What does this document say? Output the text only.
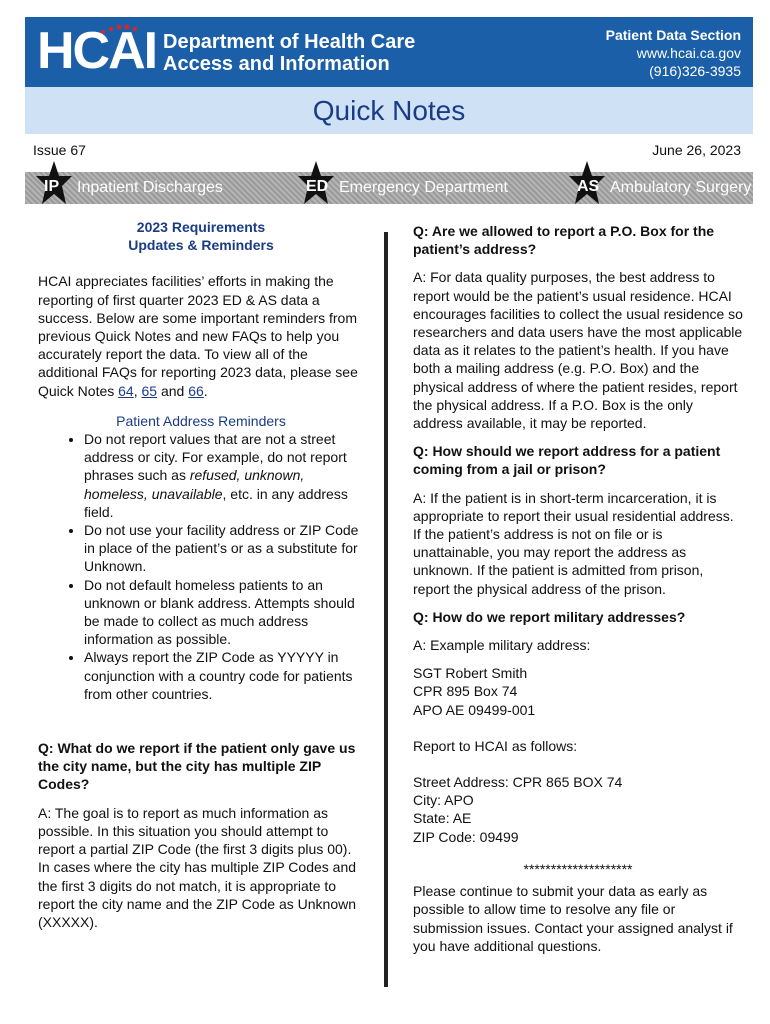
HCAI Department of Health Care
Access and Information
Patient Data Section
www.hcai.ca.gov
(916)326-3935
Quick Notes
Issue 67	June 26, 2023
IP Inpatient Discharges	ED Emergency Department	AS Ambulatory Surgery
2023 Requirements
Updates & Reminders

HCAI appreciates facilities’ efforts in making the reporting of first quarter 2023 ED & AS data a success. Below are some important reminders from previous Quick Notes and new FAQs to help you accurately report the data. To view all of the additional FAQs for reporting 2023 data, please see Quick Notes 64, 65 and 66.

Patient Address Reminders
• Do not report values that are not a street address or city. For example, do not report phrases such as refused, unknown, homeless, unavailable, etc. in any address field.
• Do not use your facility address or ZIP Code in place of the patient’s or as a substitute for Unknown.
• Do not default homeless patients to an unknown or blank address. Attempts should be made to collect as much address information as possible.
• Always report the ZIP Code as YYYYY in conjunction with a country code for patients from other countries.

Q: What do we report if the patient only gave us the city name, but the city has multiple ZIP Codes?

A: The goal is to report as much information as possible. In this situation you should attempt to report a partial ZIP Code (the first 3 digits plus 00). In cases where the city has multiple ZIP Codes and the first 3 digits do not match, it is appropriate to report the city name and the ZIP Code as Unknown (XXXXX).

Q: Are we allowed to report a P.O. Box for the patient’s address?

A: For data quality purposes, the best address to report would be the patient’s usual residence. HCAI encourages facilities to collect the usual residence so researchers and data users have the most applicable data as it relates to the patient’s health. If you have both a mailing address (e.g. P.O. Box) and the physical address of where the patient resides, report the physical address. If a P.O. Box is the only address available, it may be reported.

Q: How should we report address for a patient coming from a jail or prison?

A: If the patient is in short-term incarceration, it is appropriate to report their usual residential address. If the patient’s address is not on file or is unattainable, you may report the address as unknown. If the patient is admitted from prison, report the physical address of the prison.

Q: How do we report military addresses?

A: Example military address:

SGT Robert Smith
CPR 895 Box 74
APO AE 09499-001

Report to HCAI as follows:

Street Address: CPR 865 BOX 74
City: APO
State: AE
ZIP Code: 09499
********************

Please continue to submit your data as early as possible to allow time to resolve any file or submission issues. Contact your assigned analyst if you have additional questions.
